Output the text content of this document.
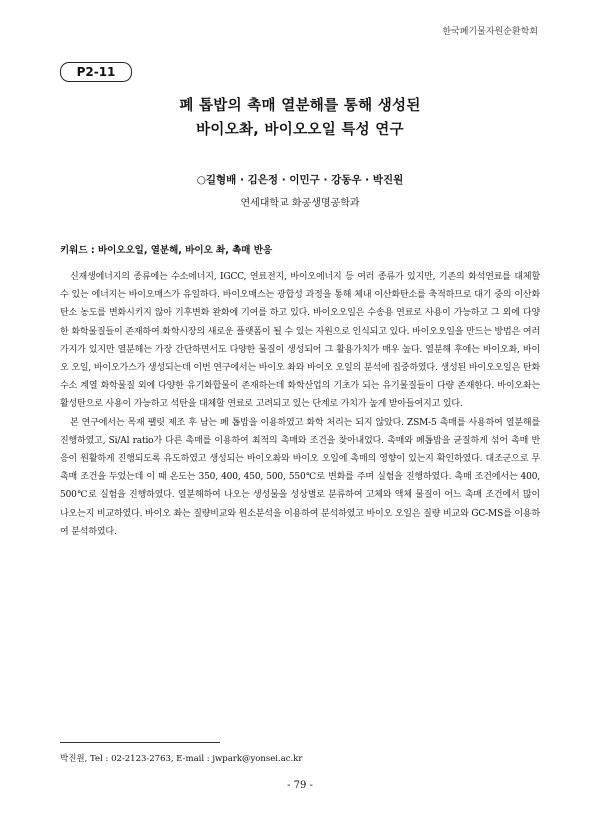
한국폐기물자원순환학회
P2-11
폐 톱밥의 촉매 열분해를 통해 생성된
바이오촤, 바이오오일 특성 연구
○길형배 · 김은정 · 이민구 · 강동우 · 박진원
연세대학교 화공생명공학과
키워드 : 바이오오일, 열분해, 바이오 촤, 촉매 반응

신재생에너지의 종류에는 수소에너지, IGCC, 연료전지, 바이오에너지 등 여러 종류가 있지만, 기존의 화석연료를 대체할 수 있는 에너지는 바이오매스가 유일하다. 바이오매스는 광합성 과정을 통해 체내 이산화탄소를 축적하므로 대기 중의 이산화탄소 농도를 변화시키지 않아 기후변화 완화에 기여를 하고 있다. 바이오오일은 수송용 연료로 사용이 가능하고 그 외에 다양한 화학물질들이 존재하여 화학시장의 새로운 플랫폼이 될 수 있는 자원으로 인식되고 있다. 바이오오일을 만드는 방법은 여러 가지가 있지만 열분해는 가장 간단하면서도 다양한 물질이 생성되어 그 활용가치가 매우 높다. 열분해 후에는 바이오촤, 바이오 오일, 바이오가스가 생성되는데 이번 연구에서는 바이오 촤와 바이오 오일의 분석에 집중하였다. 생성된 바이오오일은 탄화수소 계열 화학물질 외에 다양한 유기화합물이 존재하는데 화학산업의 기초가 되는 유기물질들이 다량 존재한다. 바이오촤는 활성탄으로 사용이 가능하고 석탄을 대체할 연료로 고려되고 있는 단계로 가치가 높게 받아들여지고 있다.

본 연구에서는 목재 팰릿 제조 후 남는 폐 톱밥을 이용하였고 화학 처리는 되지 않았다. ZSM-5 촉매를 사용하여 열분해를 진행하였고, Si/Al ratio가 다른 촉매를 이용하여 최적의 촉매와 조건을 찾아내었다. 촉매와 폐톱밥을 균질하게 섞어 촉매 반응이 원활하게 진행되도록 유도하였고 생성되는 바이오촤와 바이오 오일에 촉매의 영향이 있는지 확인하였다. 대조군으로 무촉매 조건을 두었는데 이 때 온도는 350, 400, 450, 500, 550℃로 변화를 주며 실험을 진행하였다. 촉매 조건에서는 400, 500℃로 실험을 진행하였다. 열분해하여 나오는 생성물을 성상별로 분류하여 고체와 액체 물질이 어느 촉매 조건에서 많이 나오는지 비교하였다. 바이오 촤는 질량비교와 원소분석을 이용하여 분석하였고 바이오 오일은 질량 비교와 GC-MS를 이용하여 분석하였다.

박진원, Tel : 02-2123-2763, E-mail : jwpark@yonsei.ac.kr
- 79 -
